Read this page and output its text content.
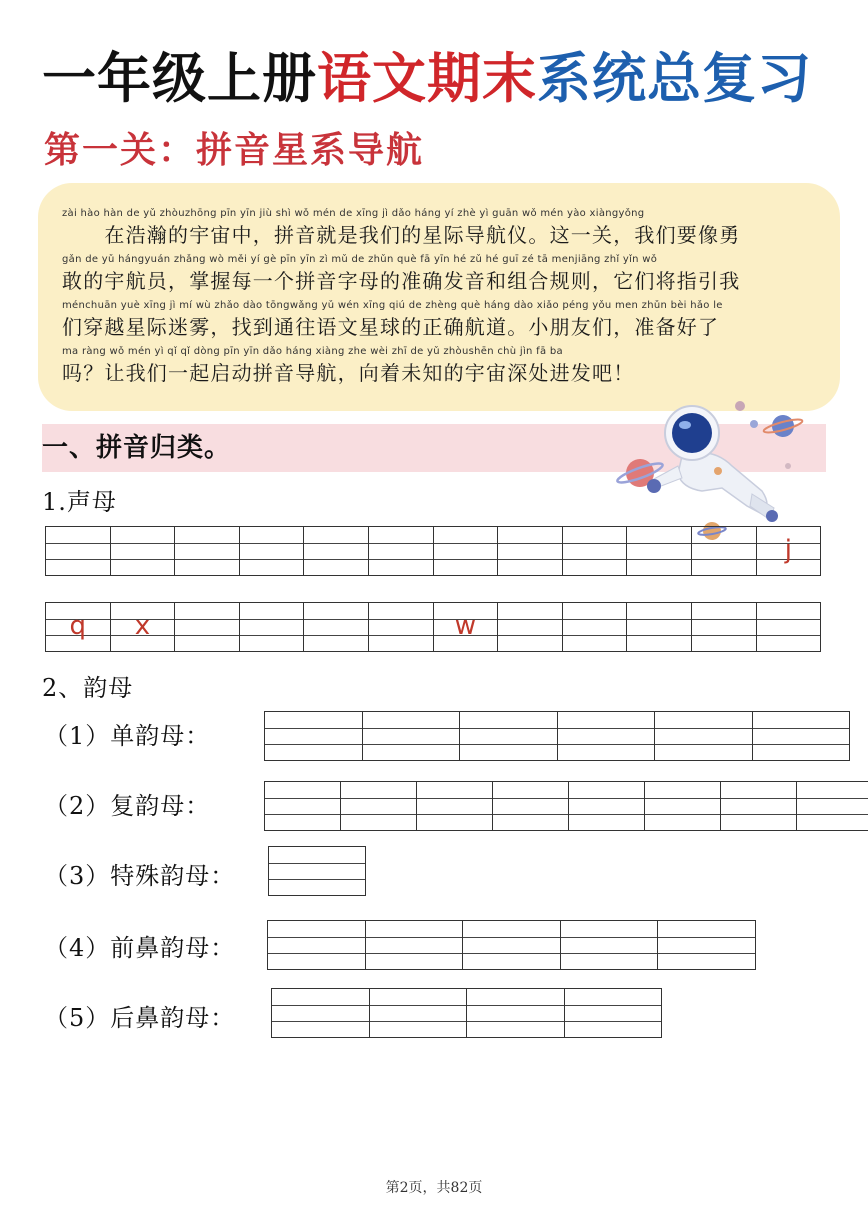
一年级上册语文期末系统总复习
第一关：拼音星系导航
zài hào hàn de yǔ zhòuzhōng pīn yīn jiù shì wǒ mén de xīng jì dǎo háng yí zhè yì guān wǒ mén yào xiàngyǒng
　　在浩瀚的宇宙中，拼音就是我们的星际导航仪。这一关，我们要像勇
gǎn de yǔ hángyuán zhǎng wò měi yí gè pīn yīn zì mǔ de zhǔn què fā yīn hé zǔ hé guī zé tā menjiāng zhǐ yǐn wǒ
敢的宇航员，掌握每一个拼音字母的准确发音和组合规则，它们将指引我
ménchuān yuè xīng jì mí wù zhǎo dào tōngwǎng yǔ wén xīng qiú de zhèng què háng dào xiǎo péng yǒu men zhǔn bèi hǎo le
们穿越星际迷雾，找到通往语文星球的正确航道。小朋友们，准备好了
ma ràng wǒ mén yì qǐ qǐ dòng pīn yīn dǎo háng xiàng zhe wèi zhī de yǔ zhòushēn chù jìn fā ba
吗？让我们一起启动拼音导航，向着未知的宇宙深处进发吧！
一、拼音归类。
1.声母
j
q	x	w
2、韵母
（1）单韵母：
（2）复韵母：
（3）特殊韵母：
（4）前鼻韵母：
（5）后鼻韵母：
第2页，共82页
